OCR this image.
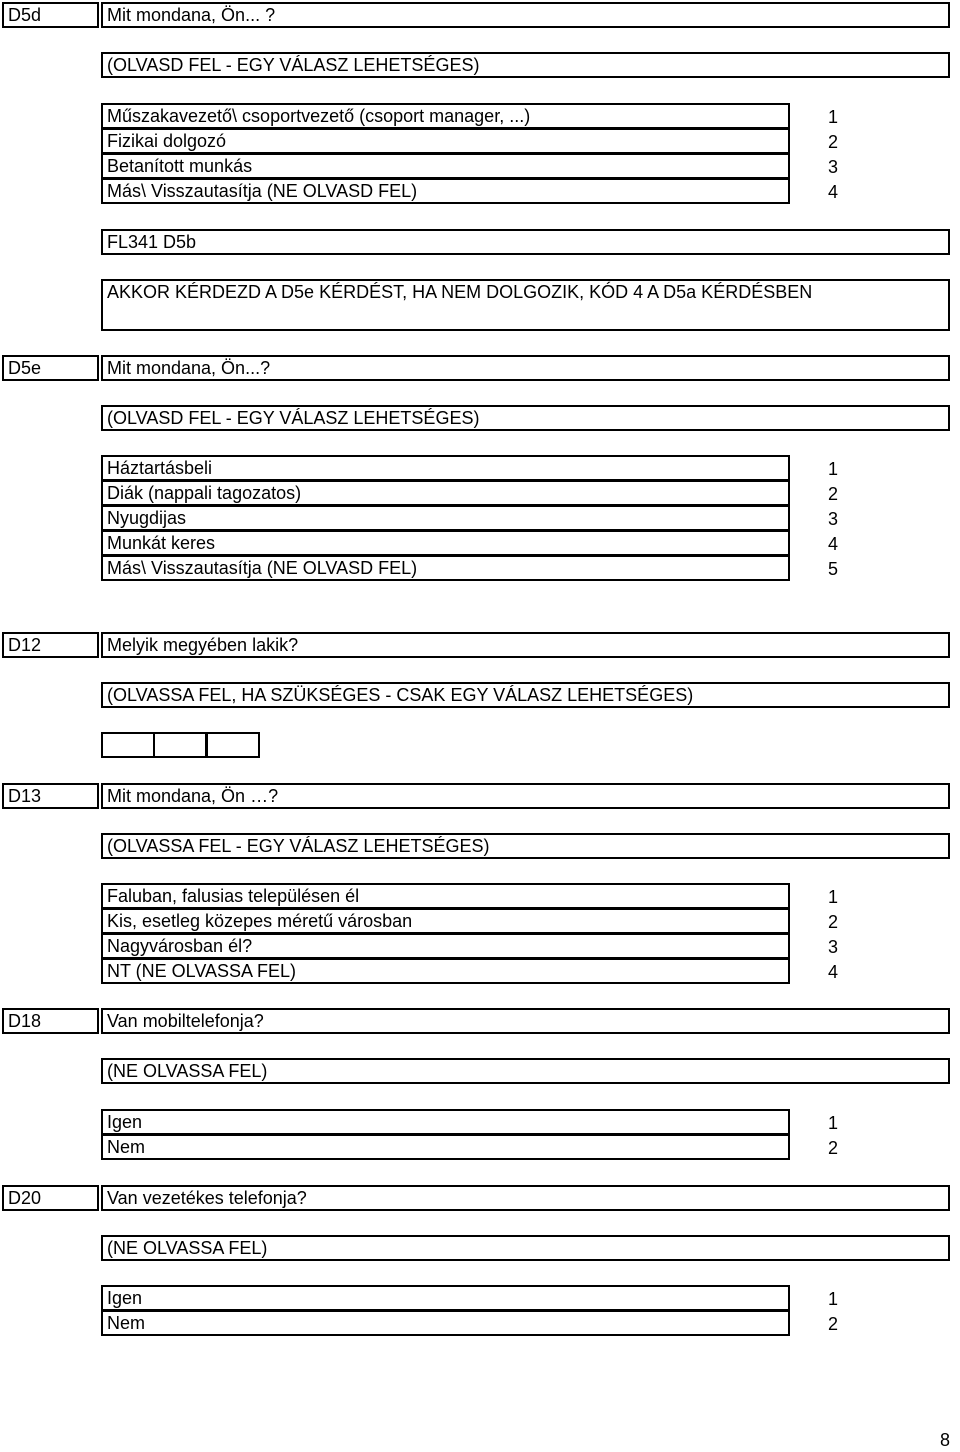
D5d	Mit mondana, Ön... ?
(OLVASD FEL - EGY VÁLASZ LEHETSÉGES)
Műszakavezető\ csoportvezető (csoport manager, ...)	1
Fizikai dolgozó	2
Betanított munkás	3
Más\ Visszautasítja (NE OLVASD FEL)	4
FL341 D5b
AKKOR KÉRDEZD A D5e KÉRDÉST, HA NEM DOLGOZIK, KÓD 4 A D5a KÉRDÉSBEN
D5e	Mit mondana, Ön...?
(OLVASD FEL - EGY VÁLASZ LEHETSÉGES)
Háztartásbeli	1
Diák (nappali tagozatos)	2
Nyugdijas	3
Munkát keres	4
Más\ Visszautasítja (NE OLVASD FEL)	5
D12	Melyik megyében lakik?
(OLVASSA FEL, HA SZÜKSÉGES - CSAK EGY VÁLASZ LEHETSÉGES)
D13	Mit mondana, Ön …?
(OLVASSA FEL - EGY VÁLASZ LEHETSÉGES)
Faluban, falusias településen él	1
Kis, esetleg közepes méretű városban	2
Nagyvárosban él?	3
NT (NE OLVASSA FEL)	4
D18	Van mobiltelefonja?
(NE OLVASSA FEL)
Igen	1
Nem	2
D20	Van vezetékes telefonja?
(NE OLVASSA FEL)
Igen	1
Nem	2
8
